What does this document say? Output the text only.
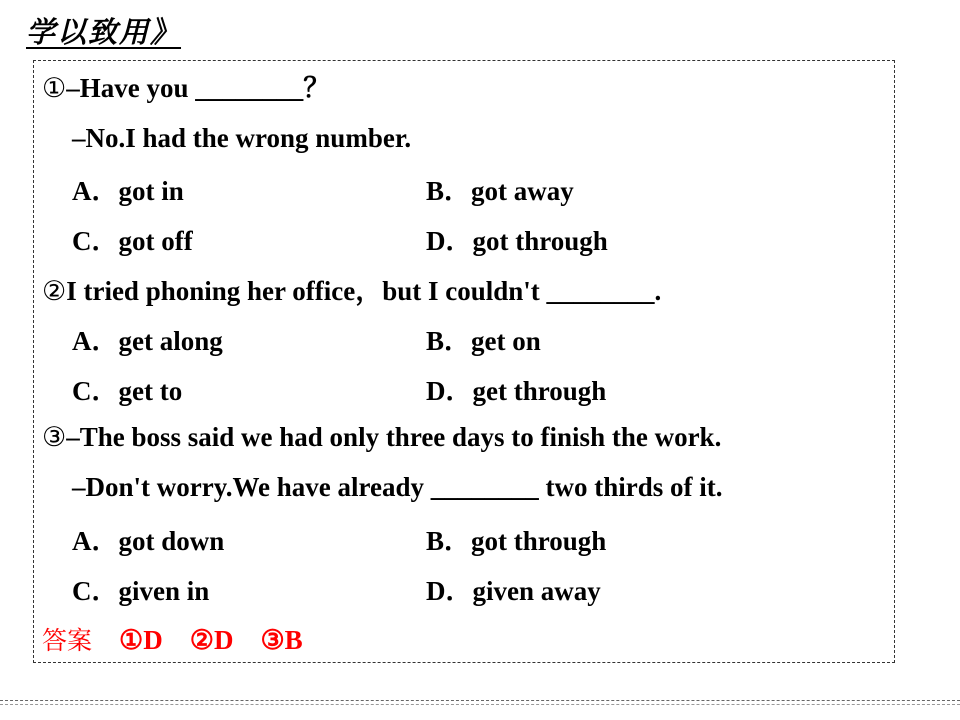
学以致用》
①–Have you ________？
–No.I had the wrong number.
A．got in	B．got away
C．got off	D．got through
②I tried phoning her office，but I couldn't ________.
A．get along	B．get on
C．get to	D．get through
③–The boss said we had only three days to finish the work.
–Don't worry.We have already ________ two thirds of it.
A．got down	B．got through
C．given in	D．given away
答案 ①D ②D ③B
